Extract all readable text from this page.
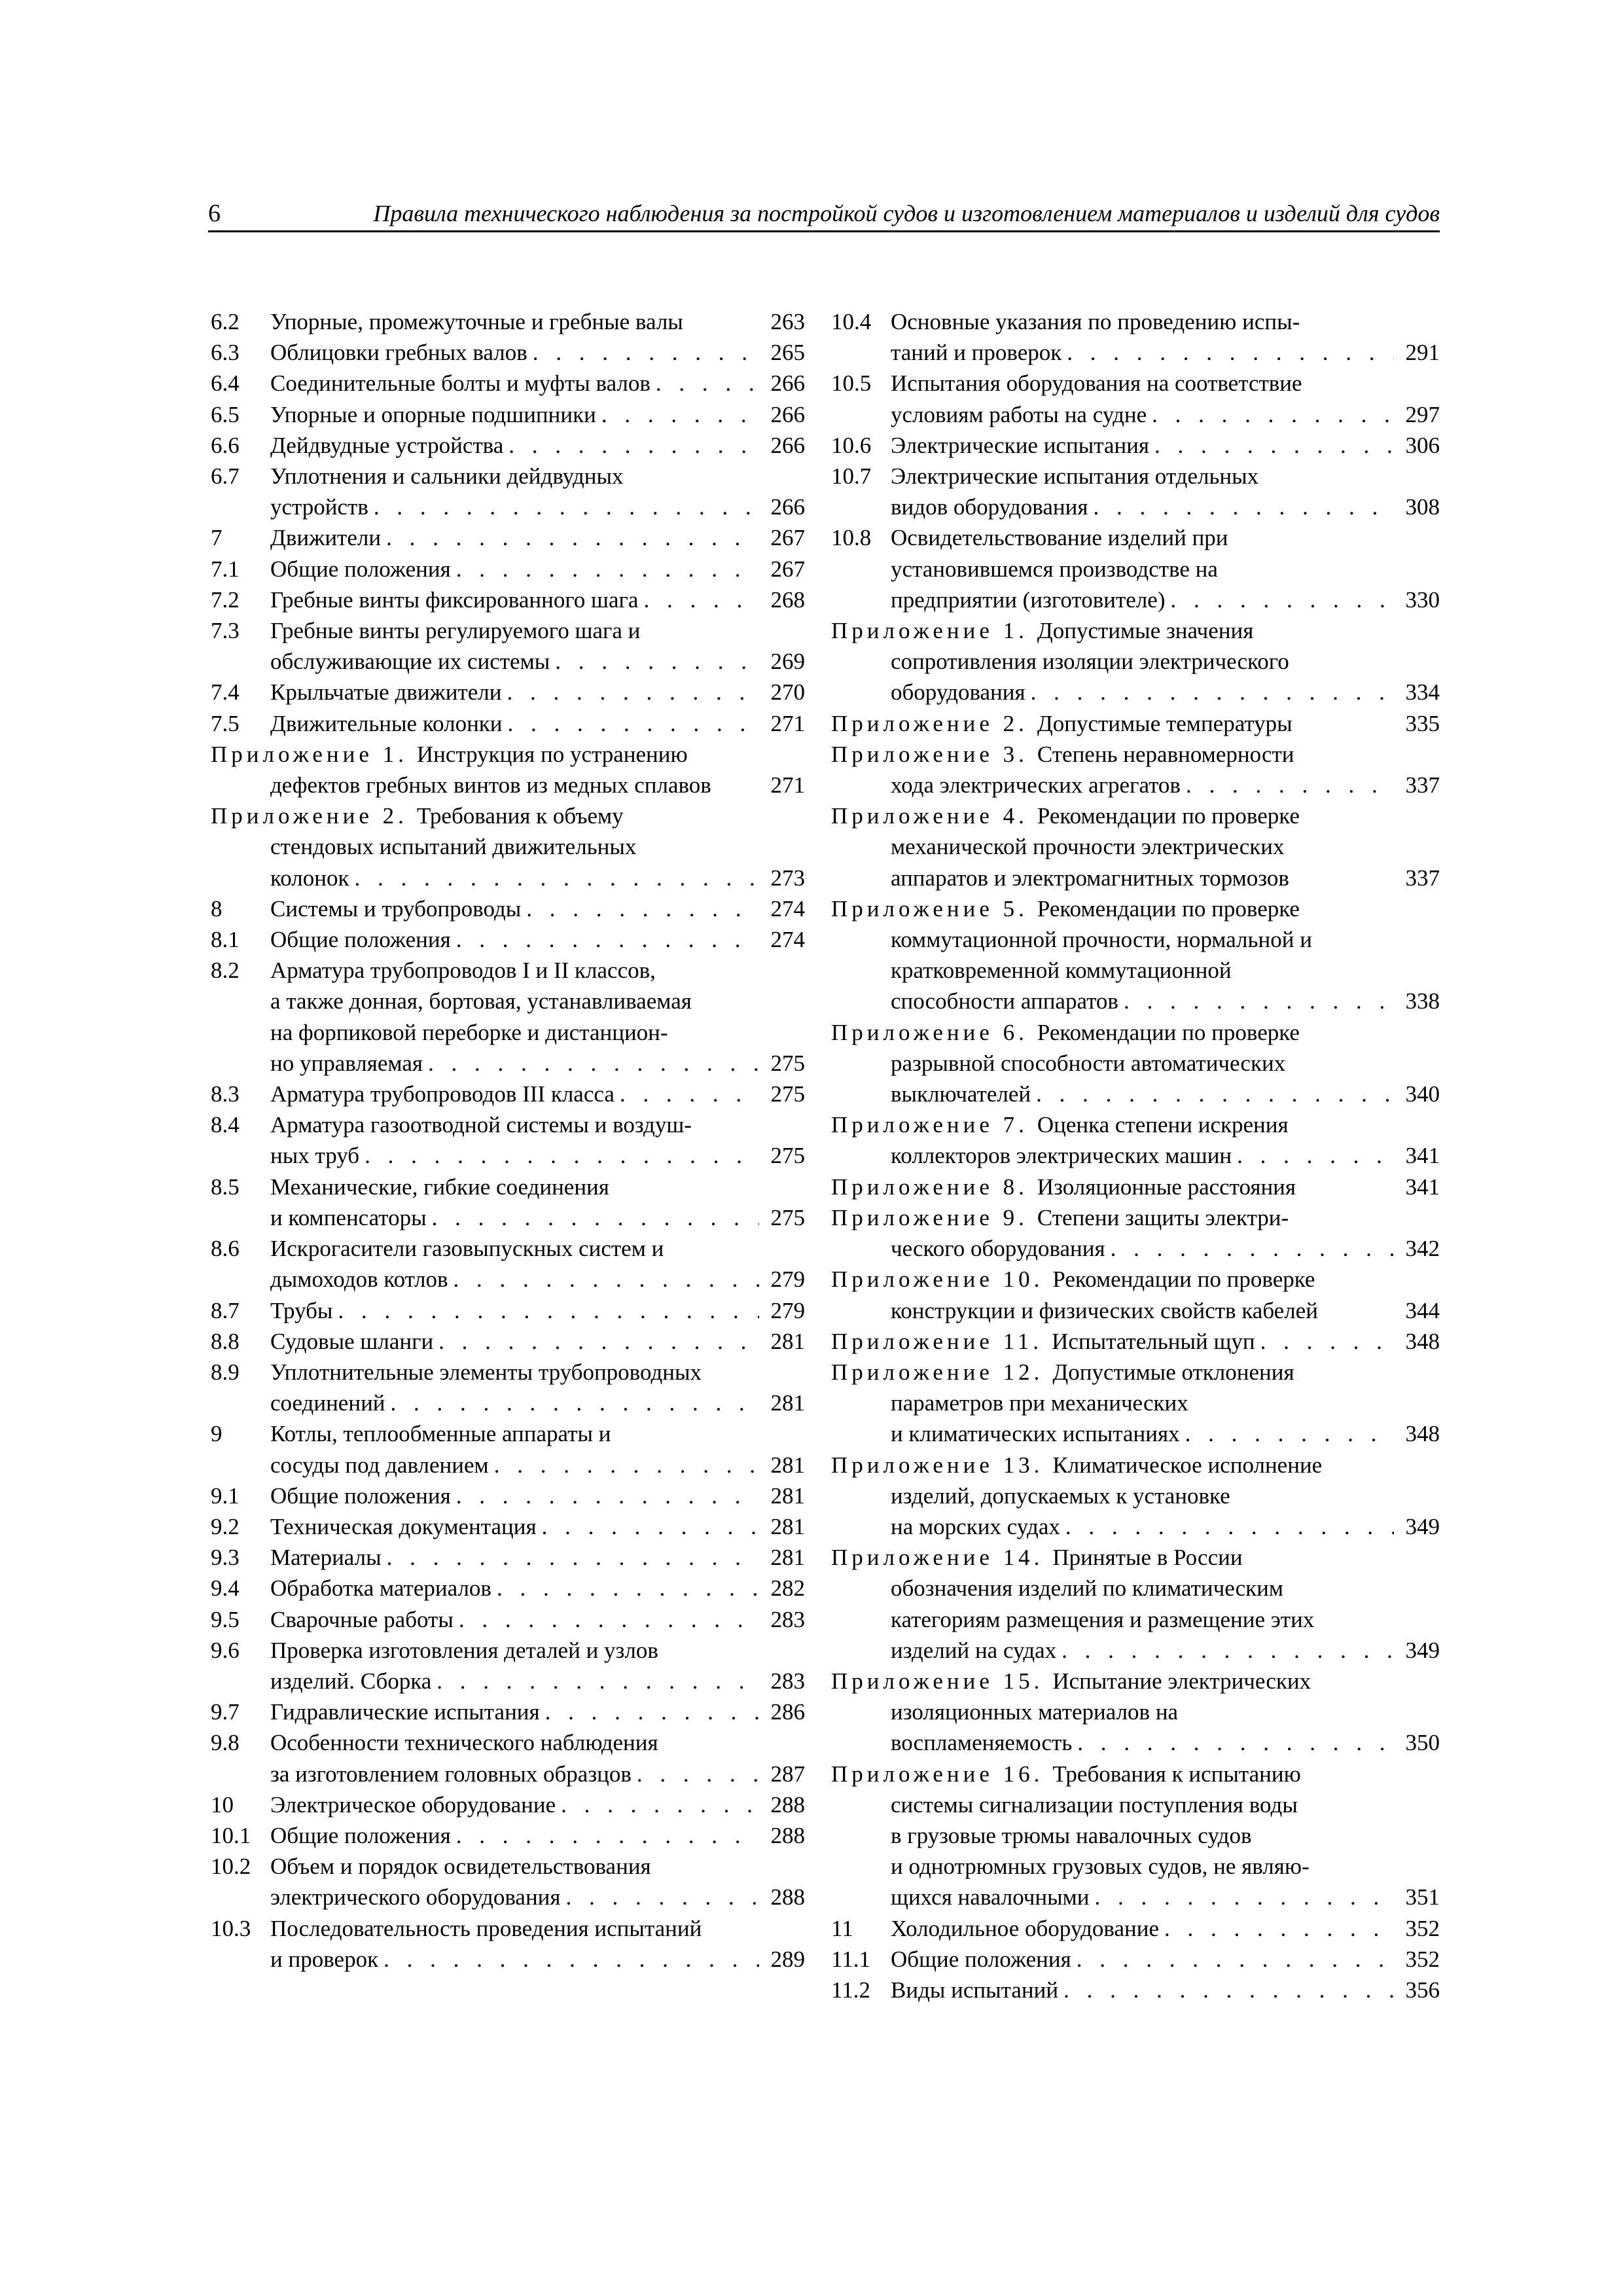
6	Правила технического наблюдения за постройкой судов и изготовлением материалов и изделий для судов
6.2	Упорные, промежуточные и гребные валы	263
6.3	Облицовки гребных валов . . .	265
6.4	Соединительные болты и муфты валов . . .	266
6.5	Упорные и опорные подшипники . . .	266
6.6	Дейдвудные устройства . . .	266
6.7	Уплотнения и сальники дейдвудных
устройств . . .	266
7	Движители . . .	267
7.1	Общие положения . . .	267
7.2	Гребные винты фиксированного шага . . .	268
7.3	Гребные винты регулируемого шага и
обслуживающие их системы . . .	269
7.4	Крыльчатые движители . . .	270
7.5	Движительные колонки . . .	271
Приложение 1. Инструкция по устранению
дефектов гребных винтов из медных сплавов	271
Приложение 2. Требования к объему
стендовых испытаний движительных
колонок . . .	273
8	Системы и трубопроводы . . .	274
8.1	Общие положения . . .	274
8.2	Арматура трубопроводов I и II классов,
а также донная, бортовая, устанавливаемая
на форпиковой переборке и дистанцион-
но управляемая . . .	275
8.3	Арматура трубопроводов III класса . . .	275
8.4	Арматура газоотводной системы и воздуш-
ных труб . . .	275
8.5	Механические, гибкие соединения
и компенсаторы . . .	275
8.6	Искрогасители газовыпускных систем и
дымоходов котлов . . .	279
8.7	Трубы . . .	279
8.8	Судовые шланги . . .	281
8.9	Уплотнительные элементы трубопроводных
соединений . . .	281
9	Котлы, теплообменные аппараты и
сосуды под давлением . . .	281
9.1	Общие положения . . .	281
9.2	Техническая документация . . .	281
9.3	Материалы . . .	281
9.4	Обработка материалов . . .	282
9.5	Сварочные работы . . .	283
9.6	Проверка изготовления деталей и узлов
изделий. Сборка . . .	283
9.7	Гидравлические испытания . . .	286
9.8	Особенности технического наблюдения
за изготовлением головных образцов . . .	287
10	Электрическое оборудование . . .	288
10.1 Общие положения . . .	288
10.2 Объем и порядок освидетельствования
электрического оборудования . . .	288
10.3 Последовательность проведения испытаний
и проверок . . .	289
10.4 Основные указания по проведению испы-
таний и проверок . . .	291
10.5 Испытания оборудования на соответствие
условиям работы на судне . . .	297
10.6 Электрические испытания . . .	306
10.7 Электрические испытания отдельных
видов оборудования . . .	308
10.8 Освидетельствование изделий при
установившемся производстве на
предприятии (изготовителе) . . .	330
Приложение 1. Допустимые значения
сопротивления изоляции электрического
оборудования . . .	334
Приложение 2. Допустимые температуры	335
Приложение 3. Степень неравномерности
хода электрических агрегатов . . .	337
Приложение 4. Рекомендации по проверке
механической прочности электрических
аппаратов и электромагнитных тормозов	337
Приложение 5. Рекомендации по проверке
коммутационной прочности, нормальной и
кратковременной коммутационной
способности аппаратов . . .	338
Приложение 6. Рекомендации по проверке
разрывной способности автоматических
выключателей . . .	340
Приложение 7. Оценка степени искрения
коллекторов электрических машин . . .	341
Приложение 8. Изоляционные расстояния	341
Приложение 9. Степени защиты электри-
ческого оборудования . . .	342
Приложение 10. Рекомендации по проверке
конструкции и физических свойств кабелей	344
Приложение 11. Испытательный щуп . . .	348
Приложение 12. Допустимые отклонения
параметров при механических
и климатических испытаниях . . .	348
Приложение 13. Климатическое исполнение
изделий, допускаемых к установке
на морских судах . . .	349
Приложение 14. Принятые в России
обозначения изделий по климатическим
категориям размещения и размещение этих
изделий на судах . . .	349
Приложение 15. Испытание электрических
изоляционных материалов на
воспламеняемость . . .	350
Приложение 16. Требования к испытанию
системы сигнализации поступления воды
в грузовые трюмы навалочных судов
и однотрюмных грузовых судов, не являю-
щихся навалочными . . .	351
11	Холодильное оборудование . . .	352
11.1 Общие положения . . .	352
11.2 Виды испытаний . . .	356
